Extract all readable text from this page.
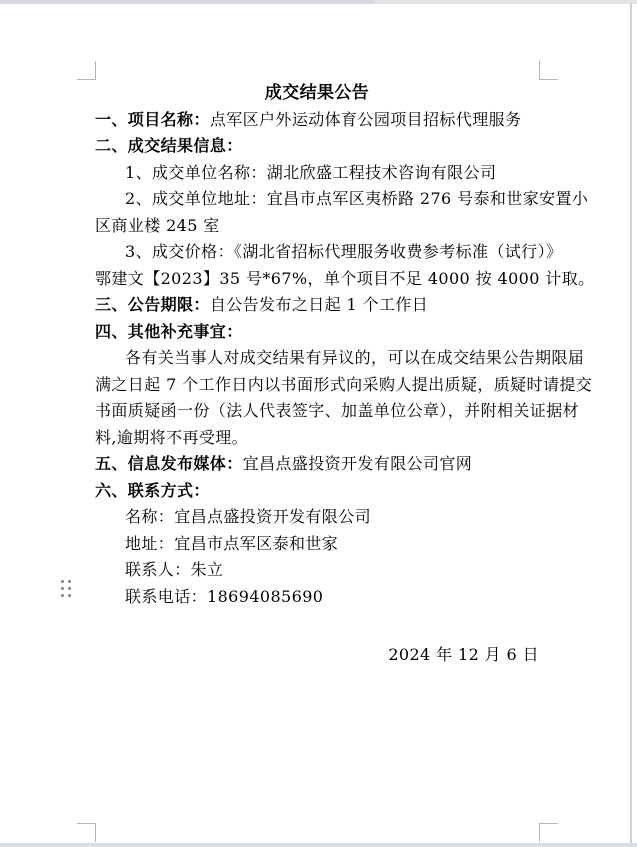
成交结果公告
一、项目名称：点军区户外运动体育公园项目招标代理服务
二、成交结果信息：
1、成交单位名称：湖北欣盛工程技术咨询有限公司
2、成交单位地址：宜昌市点军区夷桥路 276 号泰和世家安置小
区商业楼 245 室
3、成交价格：《湖北省招标代理服务收费参考标准（试行）》
鄂建文【2023】35 号*67%，单个项目不足 4000 按 4000 计取。
三、公告期限：自公告发布之日起 1 个工作日
四、其他补充事宜：
各有关当事人对成交结果有异议的，可以在成交结果公告期限届
满之日起 7 个工作日内以书面形式向采购人提出质疑，质疑时请提交
书面质疑函一份（法人代表签字、加盖单位公章），并附相关证据材
料,逾期将不再受理。
五、信息发布媒体：宜昌点盛投资开发有限公司官网
六、联系方式：
名称：宜昌点盛投资开发有限公司
地址：宜昌市点军区泰和世家
联系人：朱立
联系电话：18694085690
2024 年 12 月 6 日
